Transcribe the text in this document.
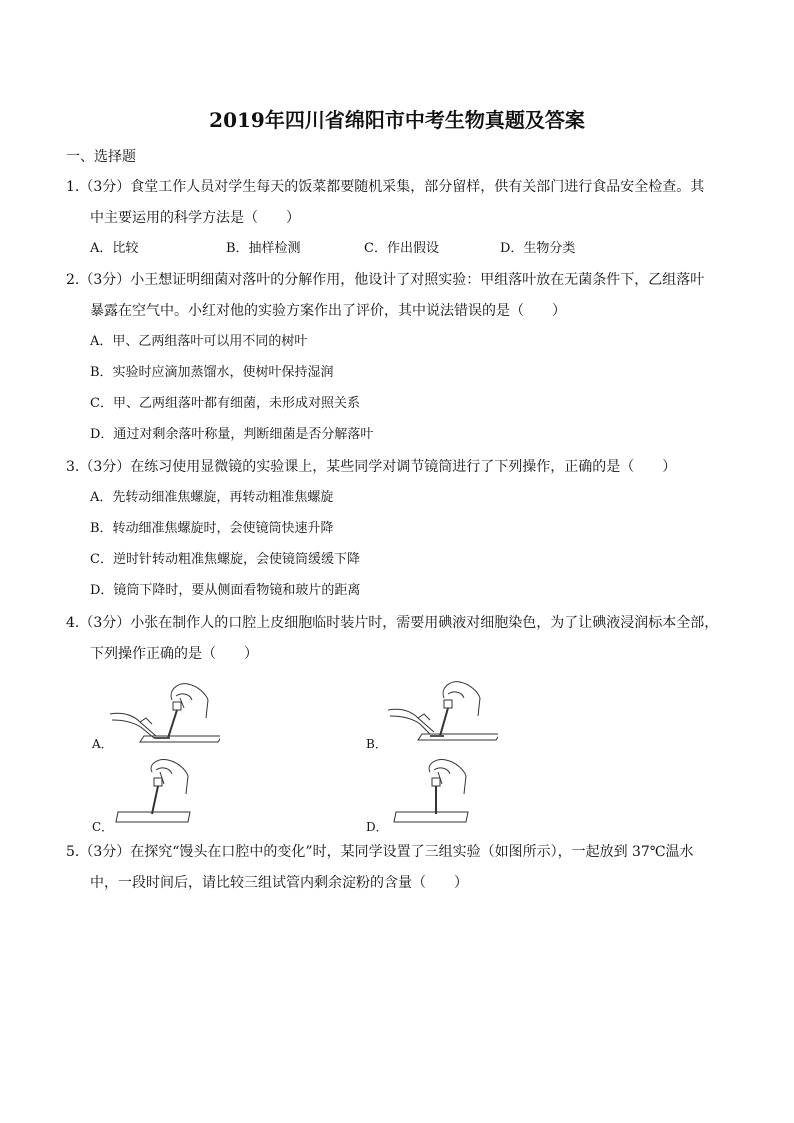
2019年四川省绵阳市中考生物真题及答案
一、选择题
1.（3分）食堂工作人员对学生每天的饭菜都要随机采集，部分留样，供有关部门进行食品安全检查。其
中主要运用的科学方法是（　　）
A．比较	B．抽样检测	C．作出假设	D．生物分类
2.（3分）小王想证明细菌对落叶的分解作用，他设计了对照实验：甲组落叶放在无菌条件下，乙组落叶
暴露在空气中。小红对他的实验方案作出了评价，其中说法错误的是（　　）
A．甲、乙两组落叶可以用不同的树叶
B．实验时应滴加蒸馏水，使树叶保持湿润
C．甲、乙两组落叶都有细菌，未形成对照关系
D．通过对剩余落叶称量，判断细菌是否分解落叶
3.（3分）在练习使用显微镜的实验课上，某些同学对调节镜筒进行了下列操作，正确的是（　　）
A．先转动细准焦螺旋，再转动粗准焦螺旋
B．转动细准焦螺旋时，会使镜筒快速升降
C．逆时针转动粗准焦螺旋，会使镜筒缓缓下降
D．镜筒下降时，要从侧面看物镜和玻片的距离
4.（3分）小张在制作人的口腔上皮细胞临时装片时，需要用碘液对细胞染色，为了让碘液浸润标本全部，
下列操作正确的是（　　）
A．	B．
C．	D．
5.（3分）在探究“馒头在口腔中的变化”时，某同学设置了三组实验（如图所示），一起放到 37℃温水
中，一段时间后，请比较三组试管内剩余淀粉的含量（　　）
